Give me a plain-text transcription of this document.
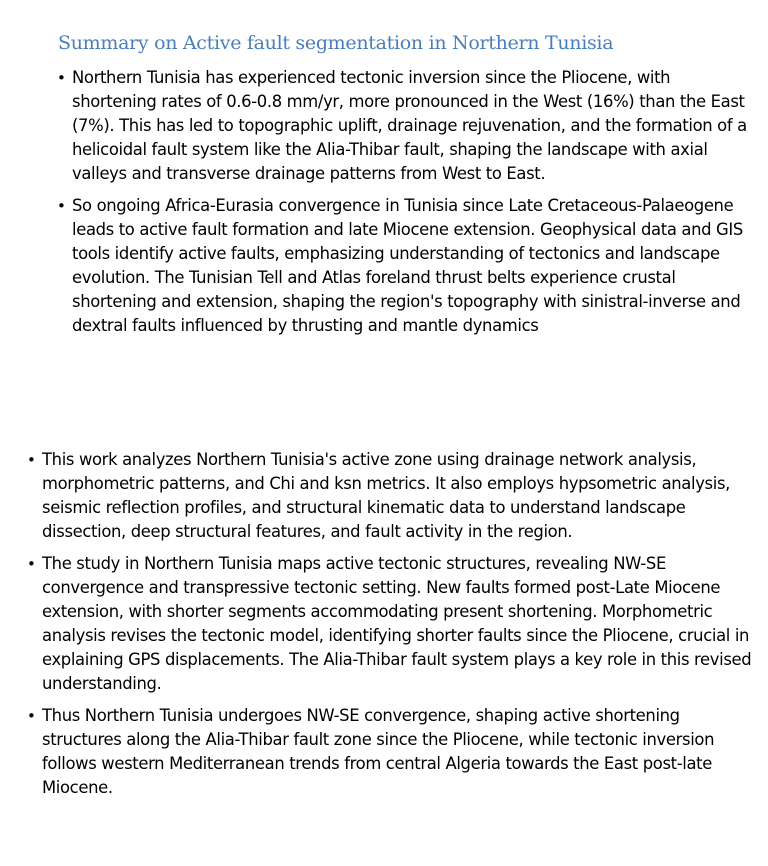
Summary on Active fault segmentation in Northern Tunisia
• Northern Tunisia has experienced tectonic inversion since the Pliocene, with shortening rates of 0.6-0.8 mm/yr, more pronounced in the West (16%) than the East (7%). This has led to topographic uplift, drainage rejuvenation, and the formation of a helicoidal fault system like the Alia-Thibar fault, shaping the landscape with axial valleys and transverse drainage patterns from West to East.
• So ongoing Africa-Eurasia convergence in Tunisia since Late Cretaceous-Palaeogene leads to active fault formation and late Miocene extension. Geophysical data and GIS tools identify active faults, emphasizing understanding of tectonics and landscape evolution. The Tunisian Tell and Atlas foreland thrust belts experience crustal shortening and extension, shaping the region's topography with sinistral-inverse and dextral faults influenced by thrusting and mantle dynamics
• This work analyzes Northern Tunisia's active zone using drainage network analysis, morphometric patterns, and Chi and ksn metrics. It also employs hypsometric analysis, seismic reflection profiles, and structural kinematic data to understand landscape dissection, deep structural features, and fault activity in the region.
• The study in Northern Tunisia maps active tectonic structures, revealing NW-SE convergence and transpressive tectonic setting. New faults formed post-Late Miocene extension, with shorter segments accommodating present shortening. Morphometric analysis revises the tectonic model, identifying shorter faults since the Pliocene, crucial in explaining GPS displacements. The Alia-Thibar fault system plays a key role in this revised understanding.
• Thus Northern Tunisia undergoes NW-SE convergence, shaping active shortening structures along the Alia-Thibar fault zone since the Pliocene, while tectonic inversion follows western Mediterranean trends from central Algeria towards the East post-late Miocene.
